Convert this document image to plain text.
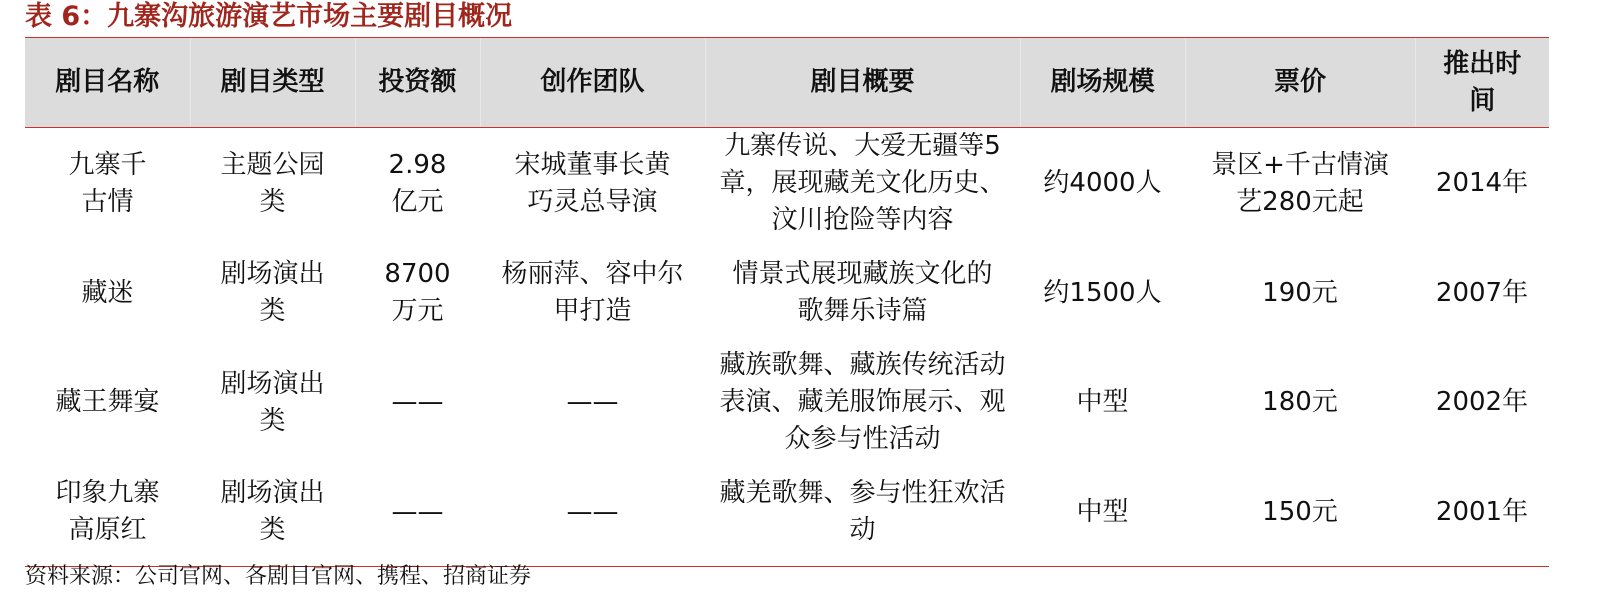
表 6：九寨沟旅游演艺市场主要剧目概况
剧目名称	剧目类型	投资额	创作团队	剧目概要	剧场规模	票价	推出时间
九寨千古情	主题公园类	2.98亿元	宋城董事长黄巧灵总导演	九寨传说、大爱无疆等5章，展现藏羌文化历史、汶川抢险等内容	约4000人	景区+千古情演艺280元起	2014年
藏迷	剧场演出类	8700万元	杨丽萍、容中尔甲打造	情景式展现藏族文化的歌舞乐诗篇	约1500人	190元	2007年
藏王舞宴	剧场演出类	——	——	藏族歌舞、藏族传统活动表演、藏羌服饰展示、观众参与性活动	中型	180元	2002年
印象九寨高原红	剧场演出类	——	——	藏羌歌舞、参与性狂欢活动	中型	150元	2001年
资料来源：公司官网、各剧目官网、携程、招商证券
